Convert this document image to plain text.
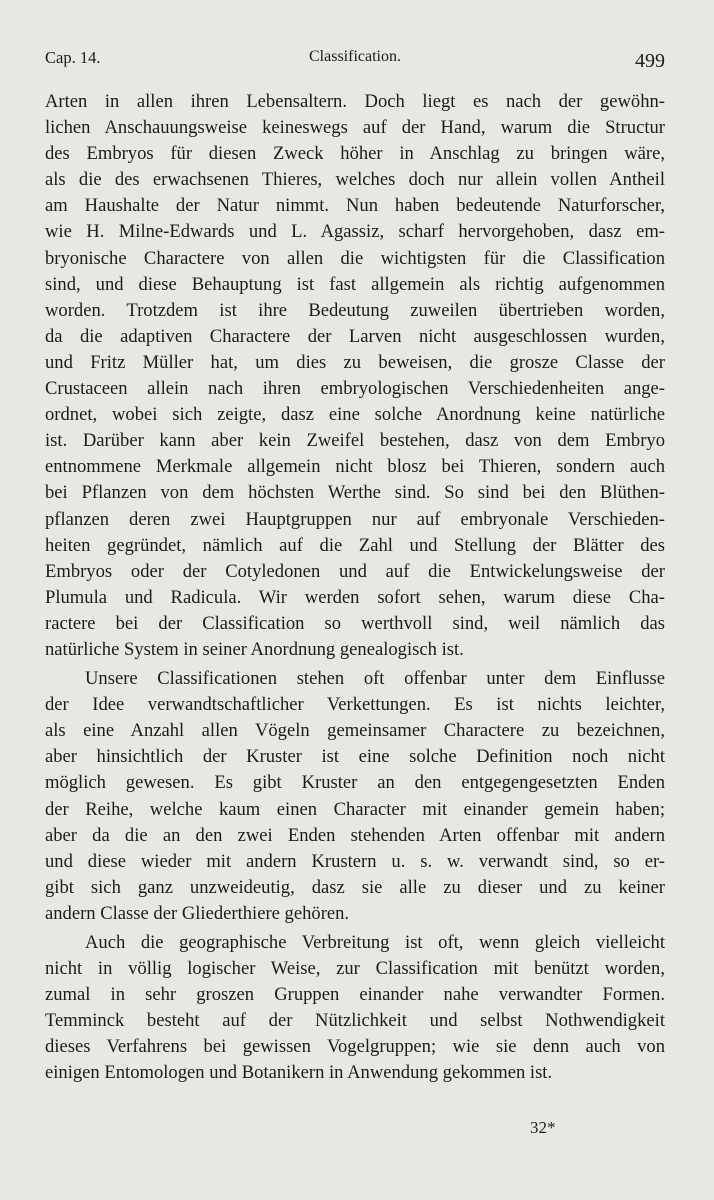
Cap. 14.	Classification.	499
Arten in allen ihren Lebensaltern. Doch liegt es nach der gewöhn-
lichen Anschauungsweise keineswegs auf der Hand, warum die Structur
des Embryos für diesen Zweck höher in Anschlag zu bringen wäre,
als die des erwachsenen Thieres, welches doch nur allein vollen Antheil
am Haushalte der Natur nimmt. Nun haben bedeutende Naturforscher,
wie H. Milne-Edwards und L. Agassiz, scharf hervorgehoben, dasz em-
bryonische Charactere von allen die wichtigsten für die Classification
sind, und diese Behauptung ist fast allgemein als richtig aufgenommen
worden. Trotzdem ist ihre Bedeutung zuweilen übertrieben worden,
da die adaptiven Charactere der Larven nicht ausgeschlossen wurden,
und Fritz Müller hat, um dies zu beweisen, die grosze Classe der
Crustaceen allein nach ihren embryologischen Verschiedenheiten ange-
ordnet, wobei sich zeigte, dasz eine solche Anordnung keine natürliche
ist. Darüber kann aber kein Zweifel bestehen, dasz von dem Embryo
entnommene Merkmale allgemein nicht blosz bei Thieren, sondern auch
bei Pflanzen von dem höchsten Werthe sind. So sind bei den Blüthen-
pflanzen deren zwei Hauptgruppen nur auf embryonale Verschieden-
heiten gegründet, nämlich auf die Zahl und Stellung der Blätter des
Embryos oder der Cotyledonen und auf die Entwickelungsweise der
Plumula und Radicula. Wir werden sofort sehen, warum diese Cha-
ractere bei der Classification so werthvoll sind, weil nämlich das
natürliche System in seiner Anordnung genealogisch ist.
Unsere Classificationen stehen oft offenbar unter dem Einflusse
der Idee verwandtschaftlicher Verkettungen. Es ist nichts leichter,
als eine Anzahl allen Vögeln gemeinsamer Charactere zu bezeichnen,
aber hinsichtlich der Kruster ist eine solche Definition noch nicht
möglich gewesen. Es gibt Kruster an den entgegengesetzten Enden
der Reihe, welche kaum einen Character mit einander gemein haben;
aber da die an den zwei Enden stehenden Arten offenbar mit andern
und diese wieder mit andern Krustern u. s. w. verwandt sind, so er-
gibt sich ganz unzweideutig, dasz sie alle zu dieser und zu keiner
andern Classe der Gliederthiere gehören.
Auch die geographische Verbreitung ist oft, wenn gleich vielleicht
nicht in völlig logischer Weise, zur Classification mit benützt worden,
zumal in sehr groszen Gruppen einander nahe verwandter Formen.
Temminck besteht auf der Nützlichkeit und selbst Nothwendigkeit
dieses Verfahrens bei gewissen Vogelgruppen; wie sie denn auch von
einigen Entomologen und Botanikern in Anwendung gekommen ist.
32*
